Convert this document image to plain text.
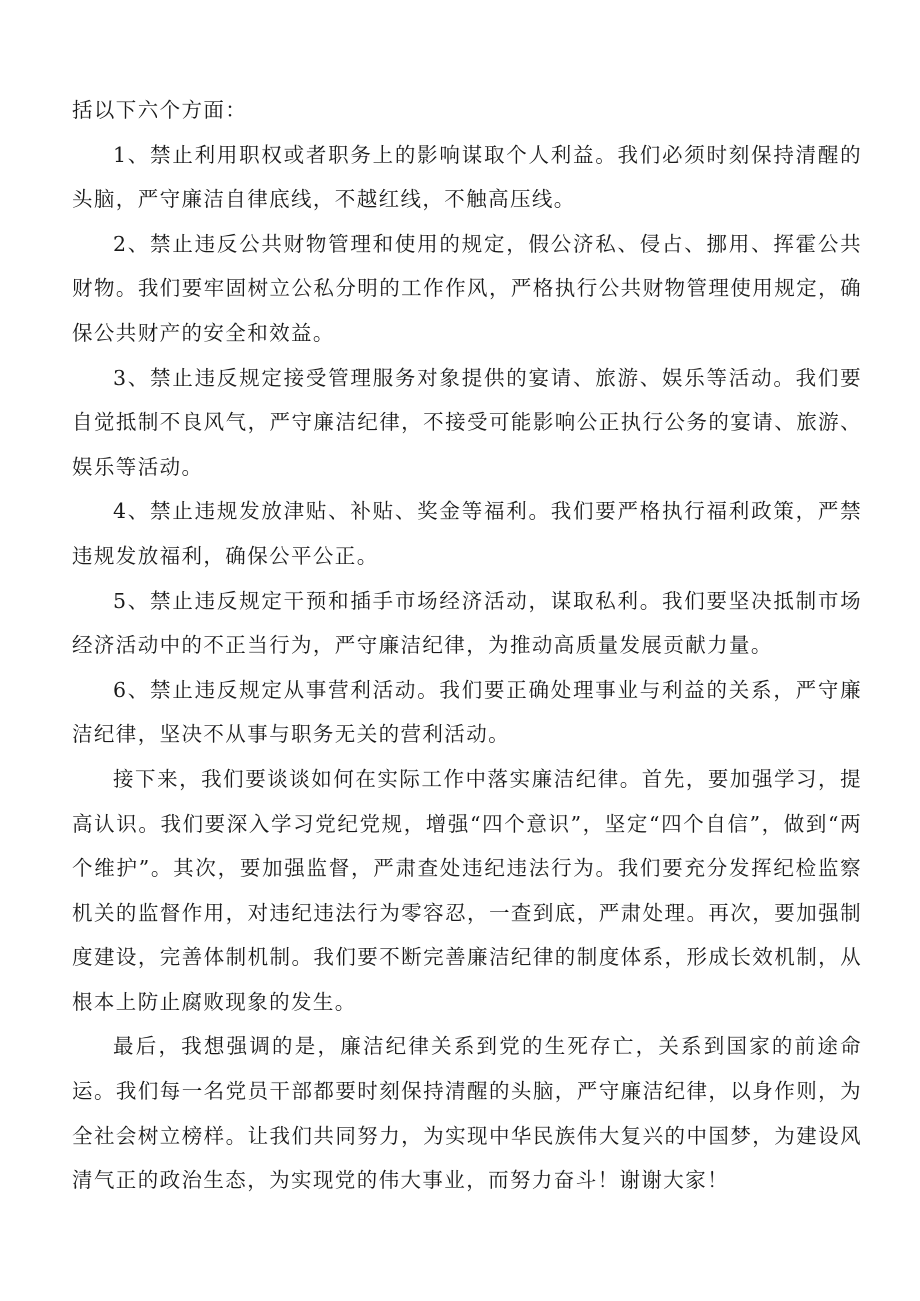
括以下六个方面：

1、禁止利用职权或者职务上的影响谋取个人利益。我们必须时刻保持清醒的头脑，严守廉洁自律底线，不越红线，不触高压线。

2、禁止违反公共财物管理和使用的规定，假公济私、侵占、挪用、挥霍公共财物。我们要牢固树立公私分明的工作作风，严格执行公共财物管理使用规定，确保公共财产的安全和效益。

3、禁止违反规定接受管理服务对象提供的宴请、旅游、娱乐等活动。我们要自觉抵制不良风气，严守廉洁纪律，不接受可能影响公正执行公务的宴请、旅游、娱乐等活动。

4、禁止违规发放津贴、补贴、奖金等福利。我们要严格执行福利政策，严禁违规发放福利，确保公平公正。

5、禁止违反规定干预和插手市场经济活动，谋取私利。我们要坚决抵制市场经济活动中的不正当行为，严守廉洁纪律，为推动高质量发展贡献力量。

6、禁止违反规定从事营利活动。我们要正确处理事业与利益的关系，严守廉洁纪律，坚决不从事与职务无关的营利活动。

接下来，我们要谈谈如何在实际工作中落实廉洁纪律。首先，要加强学习，提高认识。我们要深入学习党纪党规，增强“四个意识”，坚定“四个自信”，做到“两个维护”。其次，要加强监督，严肃查处违纪违法行为。我们要充分发挥纪检监察机关的监督作用，对违纪违法行为零容忍，一查到底，严肃处理。再次，要加强制度建设，完善体制机制。我们要不断完善廉洁纪律的制度体系，形成长效机制，从根本上防止腐败现象的发生。

最后，我想强调的是，廉洁纪律关系到党的生死存亡，关系到国家的前途命运。我们每一名党员干部都要时刻保持清醒的头脑，严守廉洁纪律，以身作则，为全社会树立榜样。让我们共同努力，为实现中华民族伟大复兴的中国梦，为建设风清气正的政治生态，为实现党的伟大事业，而努力奋斗！谢谢大家！
